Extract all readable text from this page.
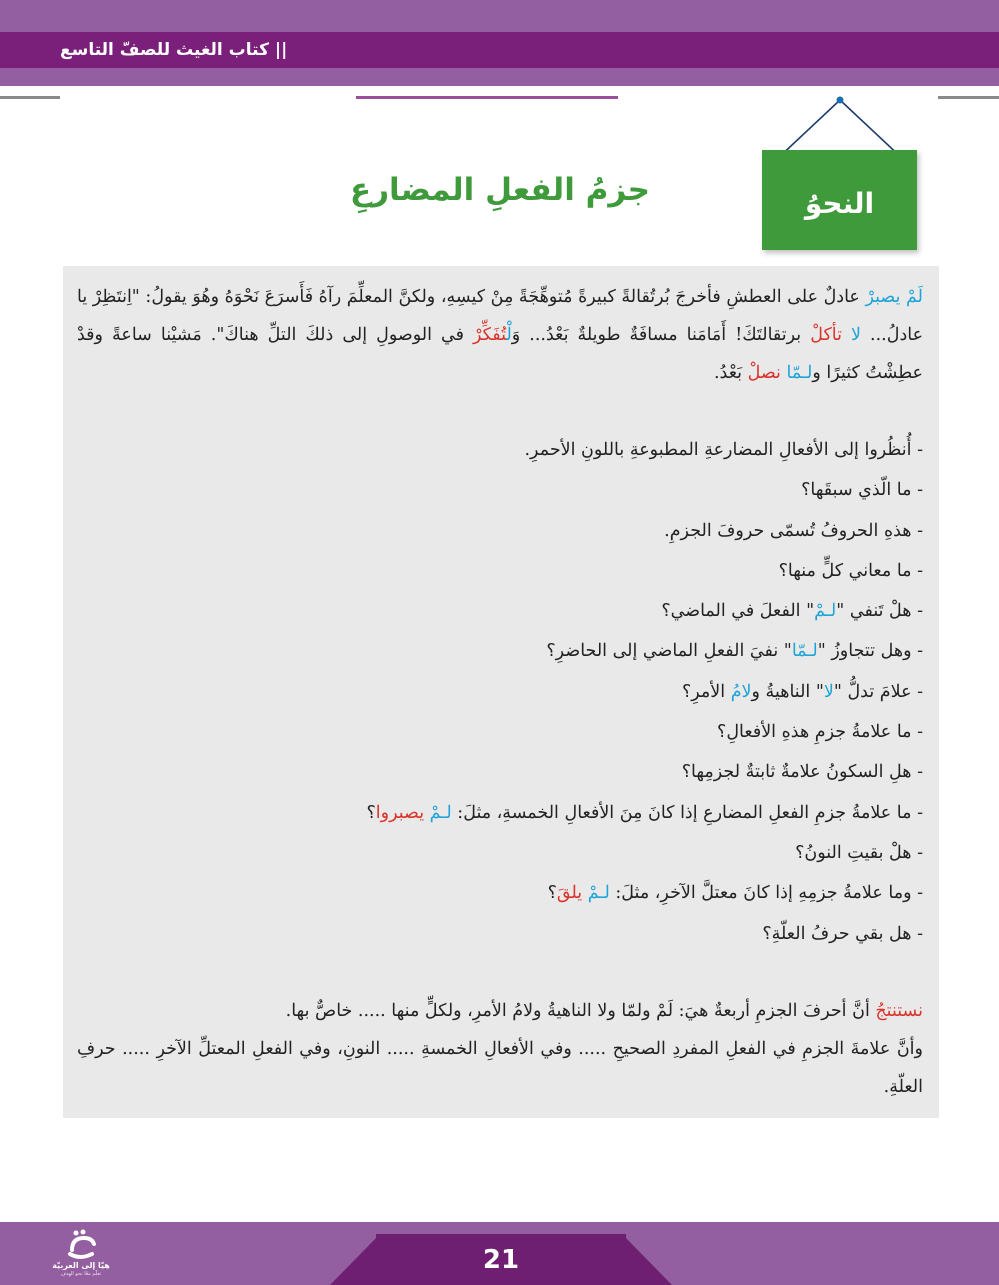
|| كتاب الغيث للصفّ التاسع
النحوُ
جزمُ الفعلِ المضارعِ

لَمْ يصبرْ عادلٌ على العطشِ فأخرجَ بُرتُقالةً كبيرةً مُتوهِّجَةً مِنْ كيسِهِ، ولكنَّ المعلِّمَ رآهُ فَأَسرَعَ نَحْوَهُ وهُوَ يقولُ: "اِنتَظِرْ يا عادلُ... لا تأكلْ برتقالتَكَ! أَمَامَنا مسافَةٌ طويلةٌ بَعْدُ... وَلْتُفَكِّرْ في الوصولِ إلى ذلكَ التلِّ هناكَ". مَشيْنا ساعةً وقدْ عطِشْتُ كثيرًا ولـمّا نصلْ بَعْدُ.

- أُنظُروا إلى الأفعالِ المضارعةِ المطبوعةِ باللونِ الأحمرِ.
- ما الّذي سبقَها؟
- هذهِ الحروفُ تُسمّى حروفَ الجزمِ.
- ما معاني كلٍّ منها؟
- هلْ تَنفي "لـمْ" الفعلَ في الماضي؟
- وهل تتجاوزُ "لـمّا" نفيَ الفعلِ الماضي إلى الحاضرِ؟
- علامَ تدلُّ "لا" الناهيةُ ولامُ الأمرِ؟
- ما علامةُ جزمِ هذهِ الأفعالِ؟
- هلِ السكونُ علامةٌ ثابتةٌ لجزمِها؟
- ما علامةُ جزمِ الفعلِ المضارعِ إذا كانَ مِنَ الأفعالِ الخمسةِ، مثلَ: لـمْ يصبروا؟
- هلْ بقيتِ النونُ؟
- وما علامةُ جزمِهِ إذا كانَ معتلَّ الآخرِ، مثلَ: لـمْ يلقَ؟
- هل بقي حرفُ العلّةِ؟

نستنتجُ أنَّ أحرفَ الجزمِ أربعةٌ هيَ: لَمْ ولمّا ولا الناهيةُ ولامُ الأمرِ، ولكلٍّ منها ..... خاصٌّ بها.

وأنَّ علامةَ الجزمِ في الفعلِ المفردِ الصحيحِ ..... وفي الأفعالِ الخمسةِ ..... النونِ، وفي الفعلِ المعتلِّ الآخرِ ..... حرفِ العلّةِ.

21
هيّا إلى العربيّة
تعلّم معًا نحو الهدف
